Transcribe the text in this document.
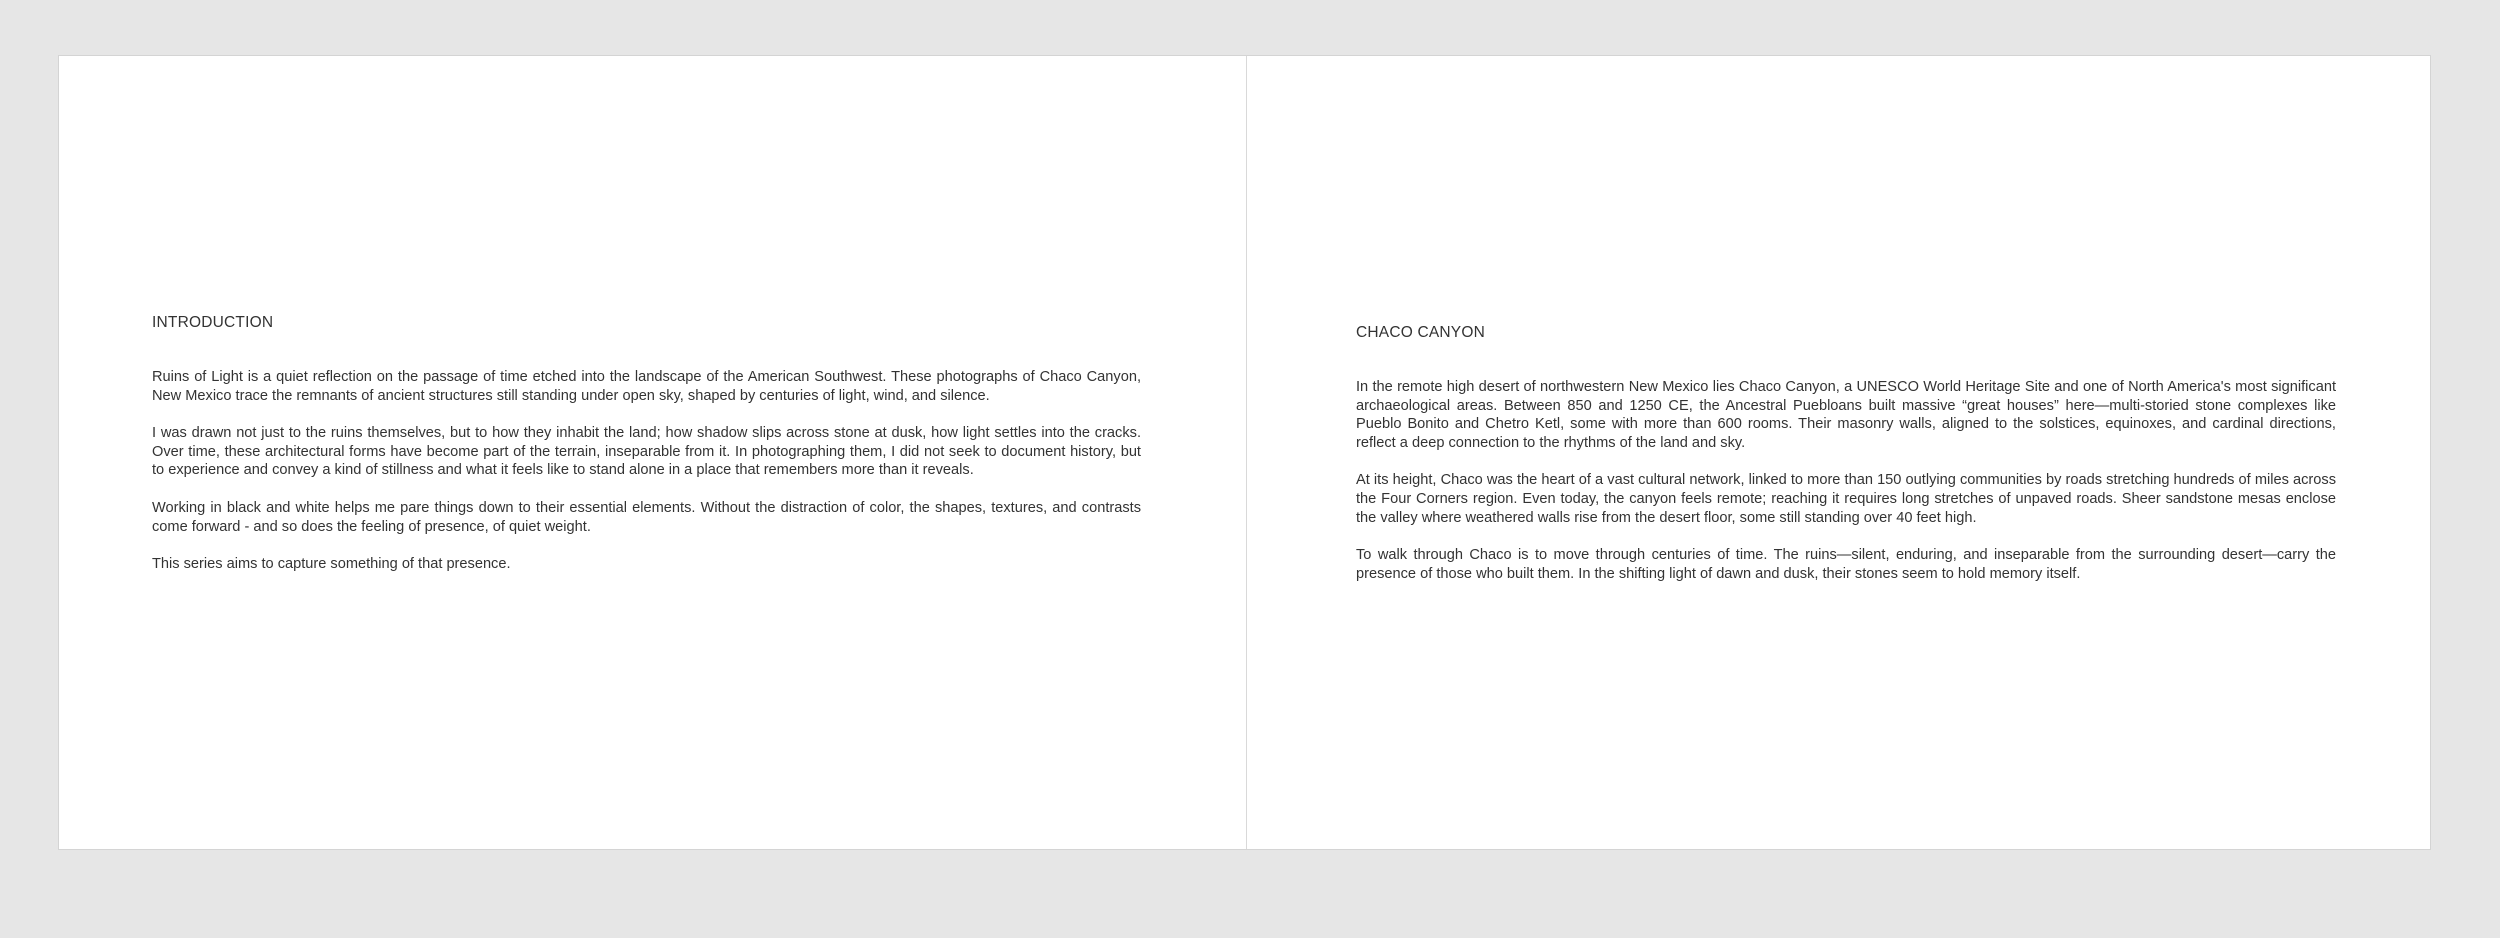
INTRODUCTION

Ruins of Light is a quiet reflection on the passage of time etched into the landscape of the American Southwest. These photographs of Chaco Canyon, New Mexico trace the remnants of ancient structures still standing under open sky, shaped by centuries of light, wind, and silence.

I was drawn not just to the ruins themselves, but to how they inhabit the land; how shadow slips across stone at dusk, how light settles into the cracks. Over time, these architectural forms have become part of the terrain, inseparable from it. In photographing them, I did not seek to document history, but to experience and convey a kind of stillness and what it feels like to stand alone in a place that remembers more than it reveals.

Working in black and white helps me pare things down to their essential elements. Without the distraction of color, the shapes, textures, and contrasts come forward - and so does the feeling of presence, of quiet weight.

This series aims to capture something of that presence.

CHACO CANYON

In the remote high desert of northwestern New Mexico lies Chaco Canyon, a UNESCO World Heritage Site and one of North America's most significant archaeological areas. Between 850 and 1250 CE, the Ancestral Puebloans built massive “great houses” here—multi-storied stone complexes like Pueblo Bonito and Chetro Ketl, some with more than 600 rooms. Their masonry walls, aligned to the solstices, equinoxes, and cardinal directions, reflect a deep connection to the rhythms of the land and sky.

At its height, Chaco was the heart of a vast cultural network, linked to more than 150 outlying communities by roads stretching hundreds of miles across the Four Corners region. Even today, the canyon feels remote; reaching it requires long stretches of unpaved roads. Sheer sandstone mesas enclose the valley where weathered walls rise from the desert floor, some still standing over 40 feet high.

To walk through Chaco is to move through centuries of time. The ruins—silent, enduring, and inseparable from the surrounding desert—carry the presence of those who built them. In the shifting light of dawn and dusk, their stones seem to hold memory itself.
